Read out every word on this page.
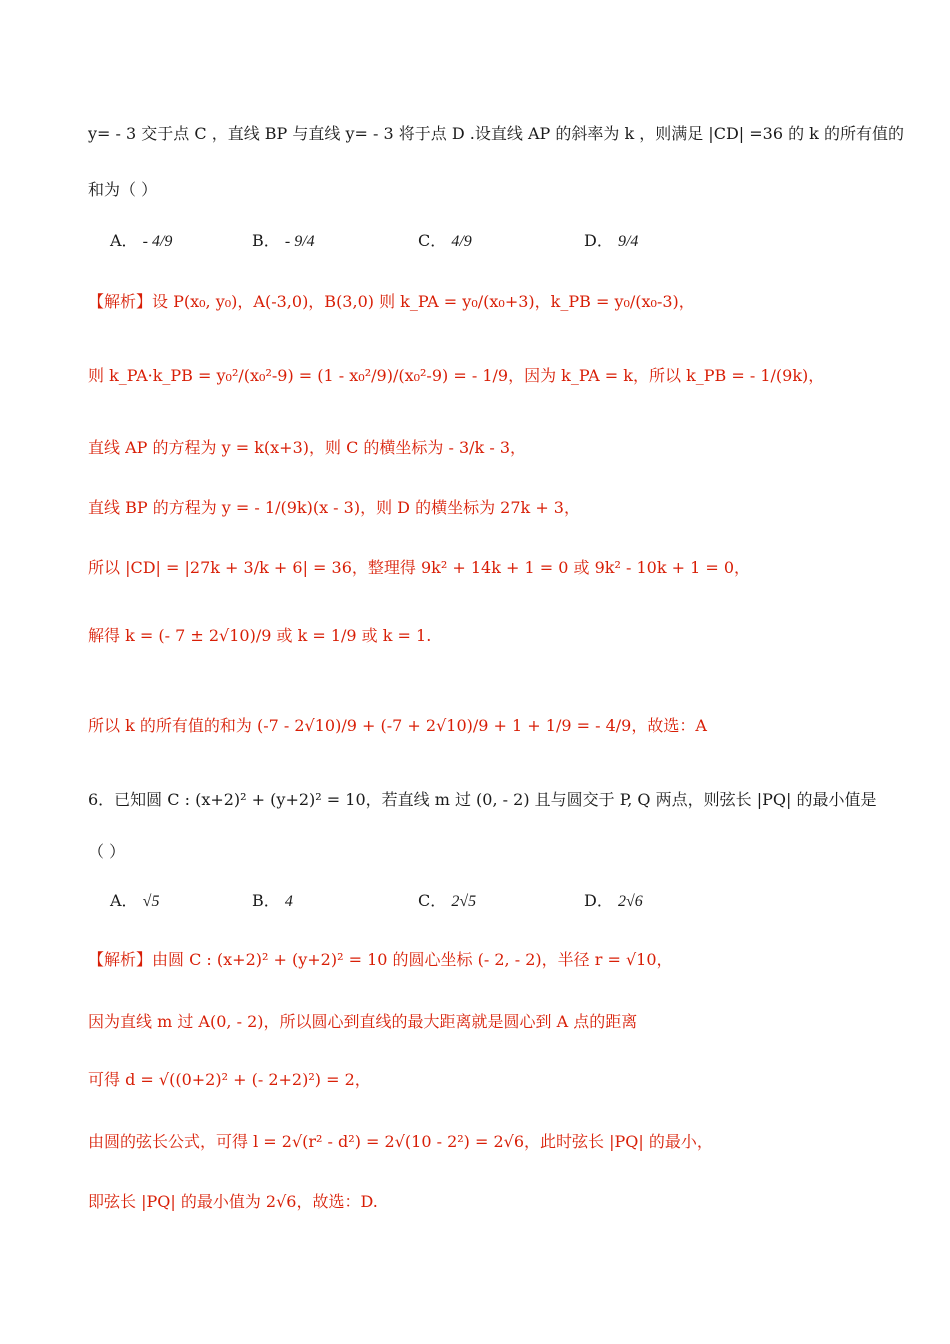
y= - 3 交于点 C ，直线 BP 与直线 y= - 3 将于点 D .设直线 AP 的斜率为 k ，则满足 |CD| =36 的 k 的所有值的
和为（ ）
A． - 4/9	B． - 9/4	C． 4/9	D． 9/4
【解析】设 P(x₀, y₀)，A(-3,0)，B(3,0) 则 k_PA = y₀/(x₀+3)，k_PB = y₀/(x₀-3)，
则 k_PA·k_PB = y₀²/(x₀²-9) = (1 - x₀²/9)/(x₀²-9) = - 1/9，因为 k_PA = k，所以 k_PB = - 1/(9k)，
直线 AP 的方程为 y = k(x+3)，则 C 的横坐标为 - 3/k - 3，
直线 BP 的方程为 y = - 1/(9k)(x - 3)，则 D 的横坐标为 27k + 3，
所以 |CD| = |27k + 3/k + 6| = 36，整理得 9k² + 14k + 1 = 0 或 9k² - 10k + 1 = 0，
解得 k = (- 7 ± 2√10)/9 或 k = 1/9 或 k = 1.
所以 k 的所有值的和为 (-7 - 2√10)/9 + (-7 + 2√10)/9 + 1 + 1/9 = - 4/9，故选：A
6．已知圆 C : (x+2)² + (y+2)² = 10，若直线 m 过 (0, - 2) 且与圆交于 P, Q 两点，则弦长 |PQ| 的最小值是
（ ）
A． √5	B． 4	C． 2√5	D． 2√6
【解析】由圆 C : (x+2)² + (y+2)² = 10 的圆心坐标 (- 2, - 2)，半径 r = √10，
因为直线 m 过 A(0, - 2)，所以圆心到直线的最大距离就是圆心到 A 点的距离
可得 d = √((0+2)² + (- 2+2)²) = 2，
由圆的弦长公式，可得 l = 2√(r² - d²) = 2√(10 - 2²) = 2√6，此时弦长 |PQ| 的最小，
即弦长 |PQ| 的最小值为 2√6，故选：D.
